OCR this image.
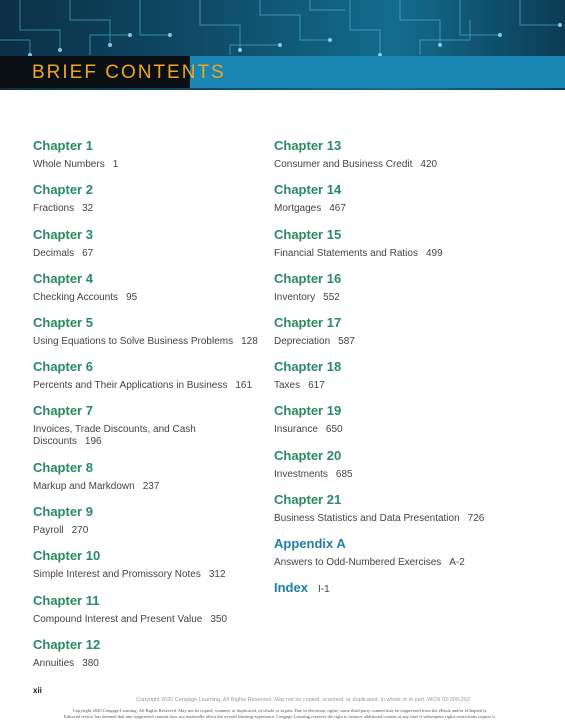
BRIEF CONTENTS
Chapter 1
Whole Numbers 1
Chapter 2
Fractions 32
Chapter 3
Decimals 67
Chapter 4
Checking Accounts 95
Chapter 5
Using Equations to Solve Business Problems 128
Chapter 6
Percents and Their Applications in Business 161
Chapter 7
Invoices, Trade Discounts, and Cash
Discounts 196
Chapter 8
Markup and Markdown 237
Chapter 9
Payroll 270
Chapter 10
Simple Interest and Promissory Notes 312
Chapter 11
Compound Interest and Present Value 350
Chapter 12
Annuities 380
Chapter 13
Consumer and Business Credit 420
Chapter 14
Mortgages 467
Chapter 15
Financial Statements and Ratios 499
Chapter 16
Inventory 552
Chapter 17
Depreciation 587
Chapter 18
Taxes 617
Chapter 19
Insurance 650
Chapter 20
Investments 685
Chapter 21
Business Statistics and Data Presentation 726
Appendix A
Answers to Odd-Numbered Exercises A-2
Index I-1
xii
Copyright 2020 Cengage Learning. All Rights Reserved. May not be copied, scanned, or duplicated, in whole or in part. WCN 02-200-202
Copyright 2020 Cengage Learning. All Rights Reserved. May not be copied, scanned, or duplicated, in whole or in part. Due to electronic rights, some third party content may be suppressed from the eBook and/or eChapter(s).
Editorial review has deemed that any suppressed content does not materially affect the overall learning experience. Cengage Learning reserves the right to remove additional content at any time if subsequent rights restrictions require it.
